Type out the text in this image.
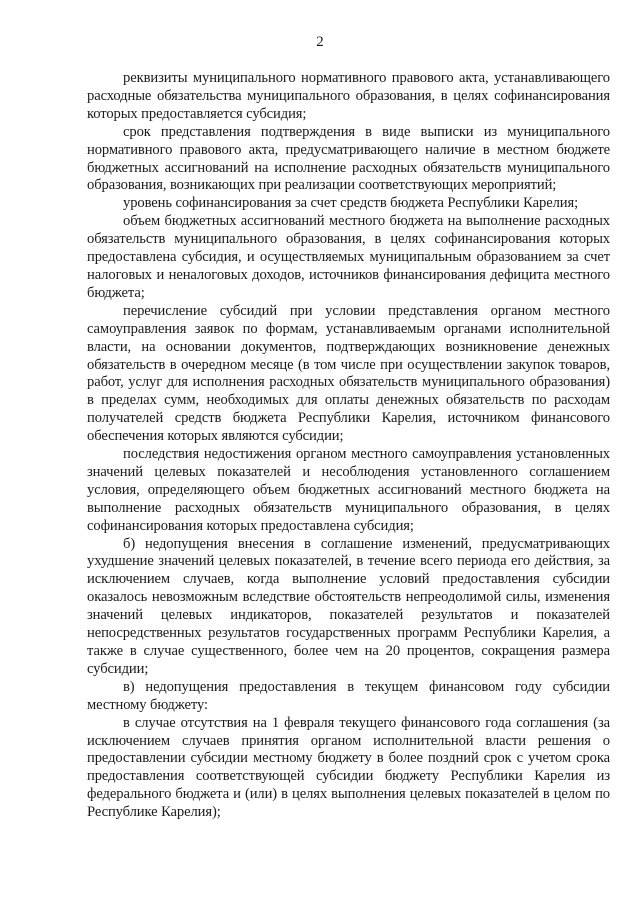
2

реквизиты муниципального нормативного правового акта, устанавливающего расходные обязательства муниципального образования, в целях софинансирования которых предоставляется субсидия;

срок представления подтверждения в виде выписки из муниципального нормативного правового акта, предусматривающего наличие в местном бюджете бюджетных ассигнований на исполнение расходных обязательств муниципального образования, возникающих при реализации соответствующих мероприятий;

уровень софинансирования за счет средств бюджета Республики Карелия;

объем бюджетных ассигнований местного бюджета на выполнение расходных обязательств муниципального образования, в целях софинансирования которых предоставлена субсидия, и осуществляемых муниципальным образованием за счет налоговых и неналоговых доходов, источников финансирования дефицита местного бюджета;

перечисление субсидий при условии представления органом местного самоуправления заявок по формам, устанавливаемым органами исполнительной власти, на основании документов, подтверждающих возникновение денежных обязательств в очередном месяце (в том числе при осуществлении закупок товаров, работ, услуг для исполнения расходных обязательств муниципального образования) в пределах сумм, необходимых для оплаты денежных обязательств по расходам получателей средств бюджета Республики Карелия, источником финансового обеспечения которых являются субсидии;

последствия недостижения органом местного самоуправления установленных значений целевых показателей и несоблюдения установленного соглашением условия, определяющего объем бюджетных ассигнований местного бюджета на выполнение расходных обязательств муниципального образования, в целях софинансирования которых предоставлена субсидия;

б) недопущения внесения в соглашение изменений, предусматривающих ухудшение значений целевых показателей, в течение всего периода его действия, за исключением случаев, когда выполнение условий предоставления субсидии оказалось невозможным вследствие обстоятельств непреодолимой силы, изменения значений целевых индикаторов, показателей результатов и показателей непосредственных результатов государственных программ Республики Карелия, а также в случае существенного, более чем на 20 процентов, сокращения размера субсидии;

в) недопущения предоставления в текущем финансовом году субсидии местному бюджету:

в случае отсутствия на 1 февраля текущего финансового года соглашения (за исключением случаев принятия органом исполнительной власти решения о предоставлении субсидии местному бюджету в более поздний срок с учетом срока предоставления соответствующей субсидии бюджету Республики Карелия из федерального бюджета и (или) в целях выполнения целевых показателей в целом по Республике Карелия);
